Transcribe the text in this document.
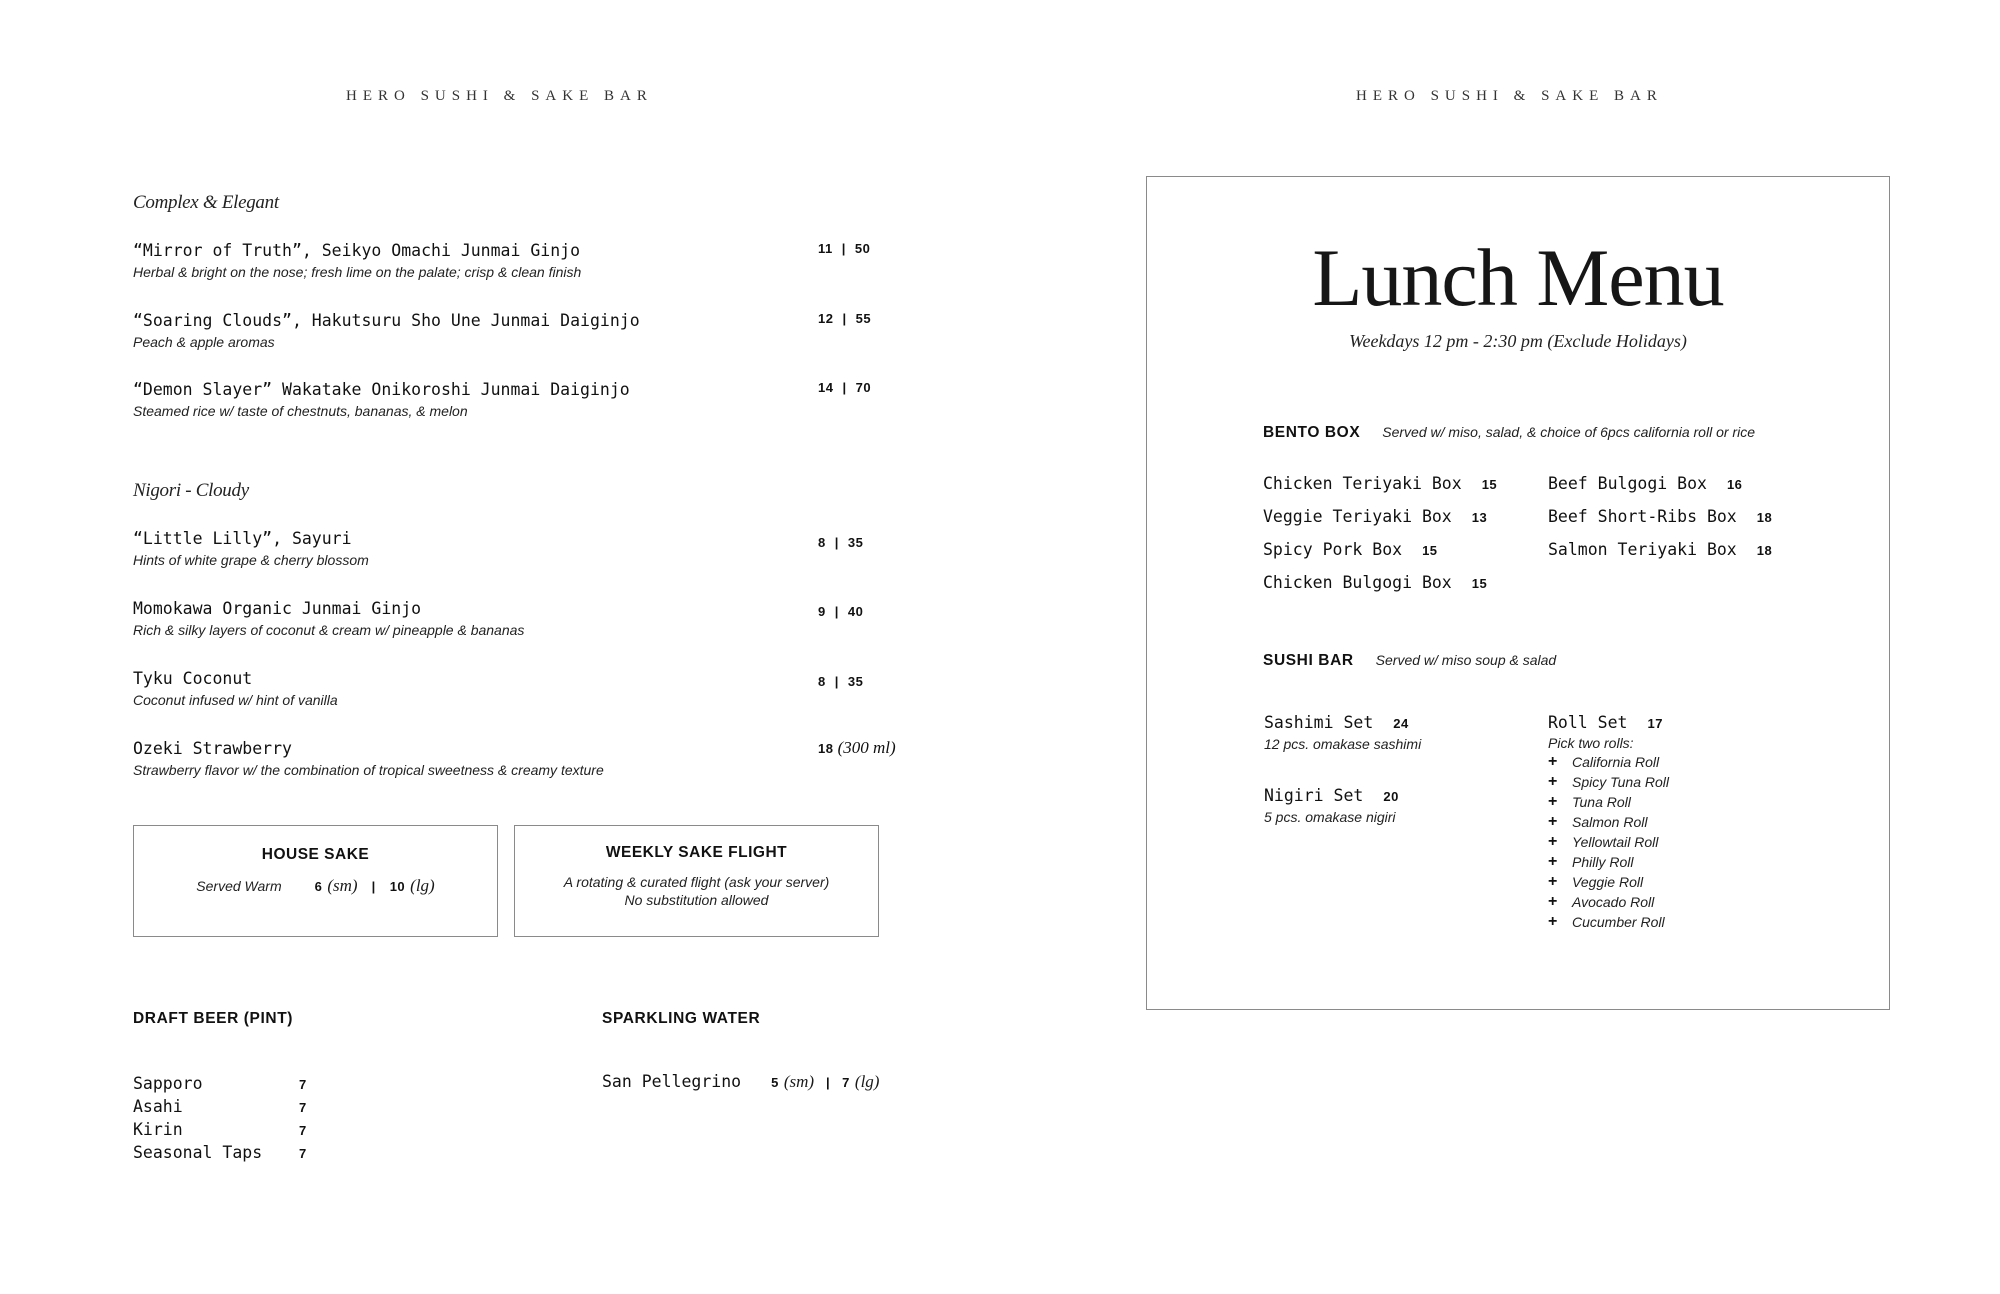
HERO SUSHI & SAKE BAR
Complex & Elegant
“Mirror of Truth”, Seikyo Omachi Junmai Ginjo
Herbal & bright on the nose; fresh lime on the palate; crisp & clean finish
11 | 50
“Soaring Clouds”, Hakutsuru Sho Une Junmai Daiginjo
Peach & apple aromas
12 | 55
“Demon Slayer” Wakatake Onikoroshi Junmai Daiginjo
Steamed rice w/ taste of chestnuts, bananas, & melon
14 | 70
Nigori - Cloudy
“Little Lilly”, Sayuri
Hints of white grape & cherry blossom
8 | 35
Momokawa Organic Junmai Ginjo
Rich & silky layers of coconut & cream w/ pineapple & bananas
9 | 40
Tyku Coconut
Coconut infused w/ hint of vanilla
8 | 35
Ozeki Strawberry
Strawberry flavor w/ the combination of tropical sweetness & creamy texture
18 (300 ml)
HOUSE SAKE
Served Warm	6 (sm) | 10 (lg)
WEEKLY SAKE FLIGHT
A rotating & curated flight (ask your server)
No substitution allowed
DRAFT BEER (PINT)
Sapporo	7
Asahi	7
Kirin	7
Seasonal Taps	7
SPARKLING WATER
San Pellegrino 5 (sm) | 7 (lg)
HERO SUSHI & SAKE BAR
Lunch Menu
Weekdays 12 pm - 2:30 pm (Exclude Holidays)
BENTO BOX Served w/ miso, salad, & choice of 6pcs california roll or rice
Chicken Teriyaki Box 15
Veggie Teriyaki Box 13
Spicy Pork Box 15
Chicken Bulgogi Box 15
Beef Bulgogi Box 16
Beef Short-Ribs Box 18
Salmon Teriyaki Box 18
SUSHI BAR Served w/ miso soup & salad
Sashimi Set 24
12 pcs. omakase sashimi
Nigiri Set 20
5 pcs. omakase nigiri
Roll Set 17
Pick two rolls:
+	California Roll
+	Spicy Tuna Roll
+	Tuna Roll
+	Salmon Roll
+	Yellowtail Roll
+	Philly Roll
+	Veggie Roll
+	Avocado Roll
+	Cucumber Roll
